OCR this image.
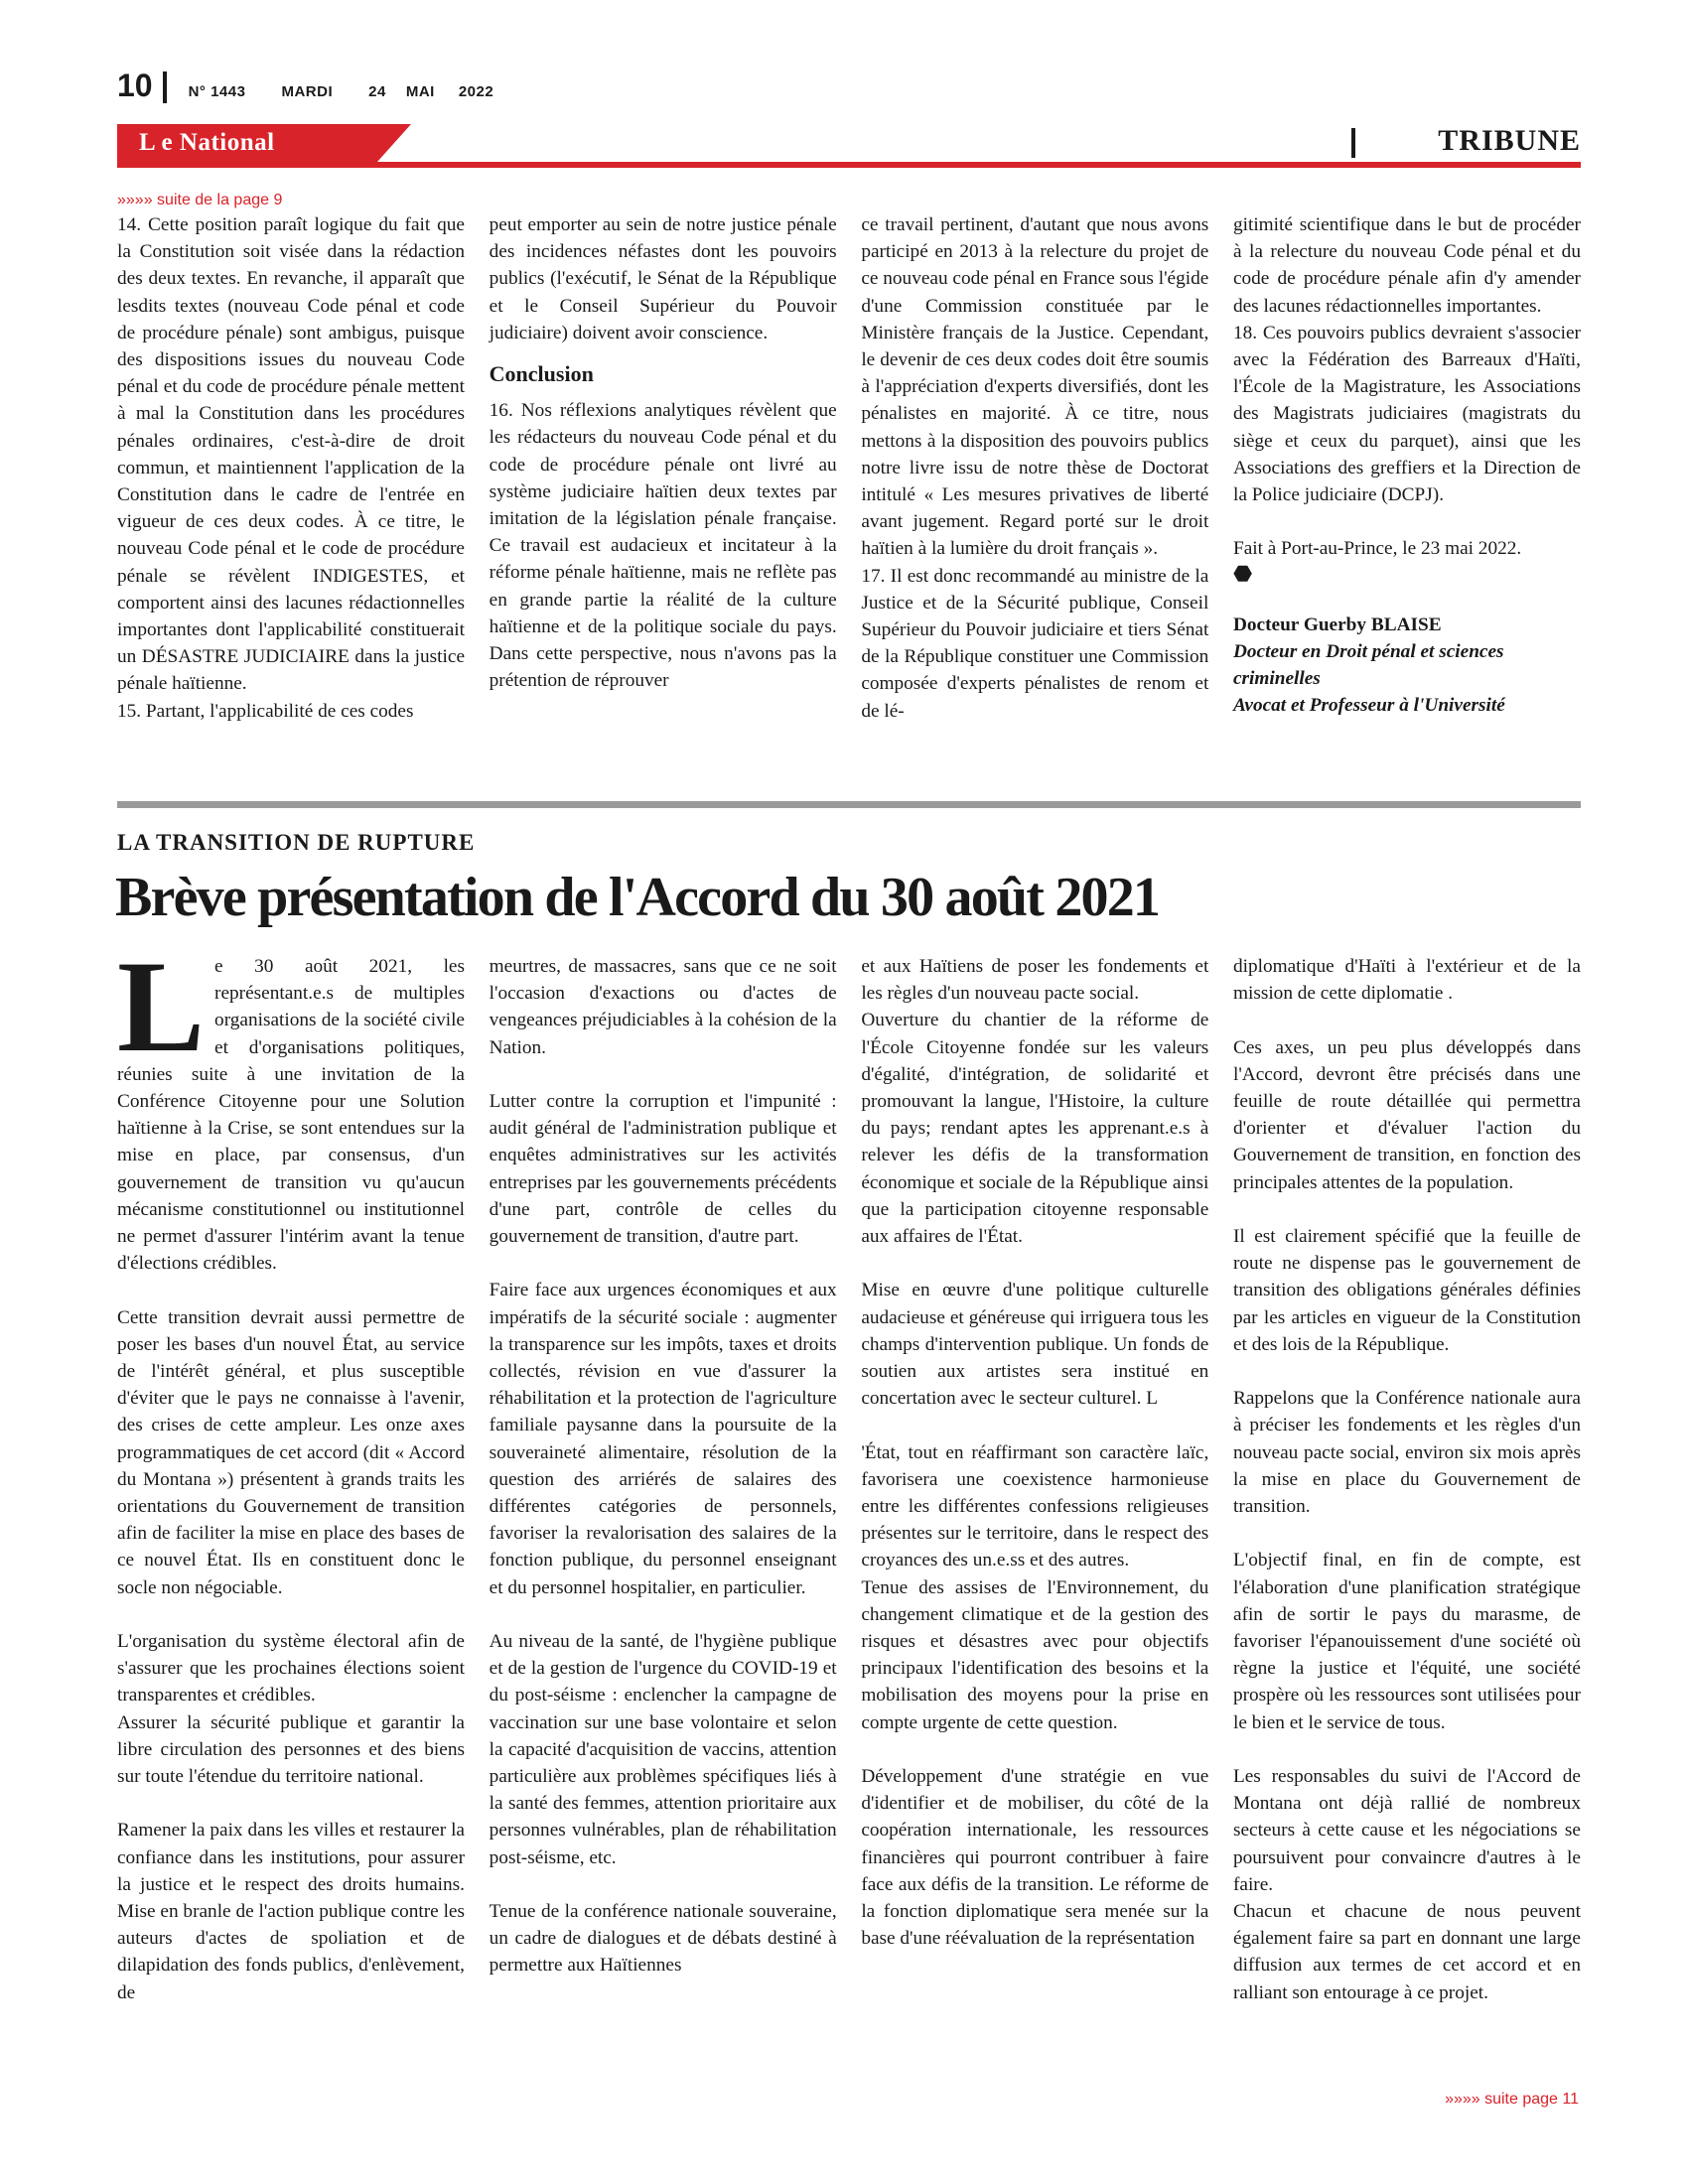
10 N° 1443 MARDI 24 MAI 2022
L e National	TRIBUNE

»»»» suite de la page 9

14. Cette position paraît logique du fait que la Constitution soit visée dans la rédaction des deux textes. En revanche, il apparaît que lesdits textes (nouveau Code pénal et code de procédure pénale) sont ambigus, puisque des dispositions issues du nouveau Code pénal et du code de procédure pénale mettent à mal la Constitution dans les procédures pénales ordinaires, c'est-à-dire de droit commun, et maintiennent l'application de la Constitution dans le cadre de l'entrée en vigueur de ces deux codes. À ce titre, le nouveau Code pénal et le code de procédure pénale se révèlent INDIGESTES, et comportent ainsi des lacunes rédactionnelles importantes dont l'applicabilité constituerait un DÉSASTRE JUDICIAIRE dans la justice pénale haïtienne.

15. Partant, l'applicabilité de ces codes

peut emporter au sein de notre justice pénale des incidences néfastes dont les pouvoirs publics (l'exécutif, le Sénat de la République et le Conseil Supérieur du Pouvoir judiciaire) doivent avoir conscience.

Conclusion

16. Nos réflexions analytiques révèlent que les rédacteurs du nouveau Code pénal et du code de procédure pénale ont livré au système judiciaire haïtien deux textes par imitation de la législation pénale française. Ce travail est audacieux et incitateur à la réforme pénale haïtienne, mais ne reflète pas en grande partie la réalité de la culture haïtienne et de la politique sociale du pays. Dans cette perspective, nous n'avons pas la prétention de réprouver

ce travail pertinent, d'autant que nous avons participé en 2013 à la relecture du projet de ce nouveau code pénal en France sous l'égide d'une Commission constituée par le Ministère français de la Justice. Cependant, le devenir de ces deux codes doit être soumis à l'appréciation d'experts diversifiés, dont les pénalistes en majorité. À ce titre, nous mettons à la disposition des pouvoirs publics notre livre issu de notre thèse de Doctorat intitulé « Les mesures privatives de liberté avant jugement. Regard porté sur le droit haïtien à la lumière du droit français ».

17. Il est donc recommandé au ministre de la Justice et de la Sécurité publique, Conseil Supérieur du Pouvoir judiciaire et tiers Sénat de la République constituer une Commission composée d'experts pénalistes de renom et de lé-

gitimité scientifique dans le but de procéder à la relecture du nouveau Code pénal et du code de procédure pénale afin d'y amender des lacunes rédactionnelles importantes.

18. Ces pouvoirs publics devraient s'associer avec la Fédération des Barreaux d'Haïti, l'École de la Magistrature, les Associations des Magistrats judiciaires (magistrats du siège et ceux du parquet), ainsi que les Associations des greffiers et la Direction de la Police judiciaire (DCPJ).

Fait à Port-au-Prince, le 23 mai 2022.

⬣

Docteur Guerby BLAISE

Docteur en Droit pénal et sciences criminelles

Avocat et Professeur à l'Université

LA TRANSITION DE RUPTURE
Brève présentation de l'Accord du 30 août 2021

Le 30 août 2021, les représentant.e.s de multiples organisations de la société civile et d'organisations politiques, réunies suite à une invitation de la Conférence Citoyenne pour une Solution haïtienne à la Crise, se sont entendues sur la mise en place, par consensus, d'un gouvernement de transition vu qu'aucun mécanisme constitutionnel ou institutionnel ne permet d'assurer l'intérim avant la tenue d'élections crédibles.

Cette transition devrait aussi permettre de poser les bases d'un nouvel État, au service de l'intérêt général, et plus susceptible d'éviter que le pays ne connaisse à l'avenir, des crises de cette ampleur. Les onze axes programmatiques de cet accord (dit « Accord du Montana ») présentent à grands traits les orientations du Gouvernement de transition afin de faciliter la mise en place des bases de ce nouvel État. Ils en constituent donc le socle non négociable.

L'organisation du système électoral afin de s'assurer que les prochaines élections soient transparentes et crédibles.

Assurer la sécurité publique et garantir la libre circulation des personnes et des biens sur toute l'étendue du territoire national.

Ramener la paix dans les villes et restaurer la confiance dans les institutions, pour assurer la justice et le respect des droits humains. Mise en branle de l'action publique contre les auteurs d'actes de spoliation et de dilapidation des fonds publics, d'enlèvement, de

meurtres, de massacres, sans que ce ne soit l'occasion d'exactions ou d'actes de vengeances préjudiciables à la cohésion de la Nation.

Lutter contre la corruption et l'impunité : audit général de l'administration publique et enquêtes administratives sur les activités entreprises par les gouvernements précédents d'une part, contrôle de celles du gouvernement de transition, d'autre part.

Faire face aux urgences économiques et aux impératifs de la sécurité sociale : augmenter la transparence sur les impôts, taxes et droits collectés, révision en vue d'assurer la réhabilitation et la protection de l'agriculture familiale paysanne dans la poursuite de la souveraineté alimentaire, résolution de la question des arriérés de salaires des différentes catégories de personnels, favoriser la revalorisation des salaires de la fonction publique, du personnel enseignant et du personnel hospitalier, en particulier.

Au niveau de la santé, de l'hygiène publique et de la gestion de l'urgence du COVID-19 et du post-séisme : enclencher la campagne de vaccination sur une base volontaire et selon la capacité d'acquisition de vaccins, attention particulière aux problèmes spécifiques liés à la santé des femmes, attention prioritaire aux personnes vulnérables, plan de réhabilitation post-séisme, etc.

Tenue de la conférence nationale souveraine, un cadre de dialogues et de débats destiné à permettre aux Haïtiennes

et aux Haïtiens de poser les fondements et les règles d'un nouveau pacte social.

Ouverture du chantier de la réforme de l'École Citoyenne fondée sur les valeurs d'égalité, d'intégration, de solidarité et promouvant la langue, l'Histoire, la culture du pays; rendant aptes les apprenant.e.s à relever les défis de la transformation économique et sociale de la République ainsi que la participation citoyenne responsable aux affaires de l'État.

Mise en œuvre d'une politique culturelle audacieuse et généreuse qui irriguera tous les champs d'intervention publique. Un fonds de soutien aux artistes sera institué en concertation avec le secteur culturel. L

'État, tout en réaffirmant son caractère laïc, favorisera une coexistence harmonieuse entre les différentes confessions religieuses présentes sur le territoire, dans le respect des croyances des un.e.ss et des autres.

Tenue des assises de l'Environnement, du changement climatique et de la gestion des risques et désastres avec pour objectifs principaux l'identification des besoins et la mobilisation des moyens pour la prise en compte urgente de cette question.

Développement d'une stratégie en vue d'identifier et de mobiliser, du côté de la coopération internationale, les ressources financières qui pourront contribuer à faire face aux défis de la transition. Le réforme de la fonction diplomatique sera menée sur la base d'une réévaluation de la représentation

diplomatique d'Haïti à l'extérieur et de la mission de cette diplomatie .

Ces axes, un peu plus développés dans l'Accord, devront être précisés dans une feuille de route détaillée qui permettra d'orienter et d'évaluer l'action du Gouvernement de transition, en fonction des principales attentes de la population.

Il est clairement spécifié que la feuille de route ne dispense pas le gouvernement de transition des obligations générales définies par les articles en vigueur de la Constitution et des lois de la République.

Rappelons que la Conférence nationale aura à préciser les fondements et les règles d'un nouveau pacte social, environ six mois après la mise en place du Gouvernement de transition.

L'objectif final, en fin de compte, est l'élaboration d'une planification stratégique afin de sortir le pays du marasme, de favoriser l'épanouissement d'une société où règne la justice et l'équité, une société prospère où les ressources sont utilisées pour le bien et le service de tous.

Les responsables du suivi de l'Accord de Montana ont déjà rallié de nombreux secteurs à cette cause et les négociations se poursuivent pour convaincre d'autres à le faire.

Chacun et chacune de nous peuvent également faire sa part en donnant une large diffusion aux termes de cet accord et en ralliant son entourage à ce projet.

»»»» suite page 11
